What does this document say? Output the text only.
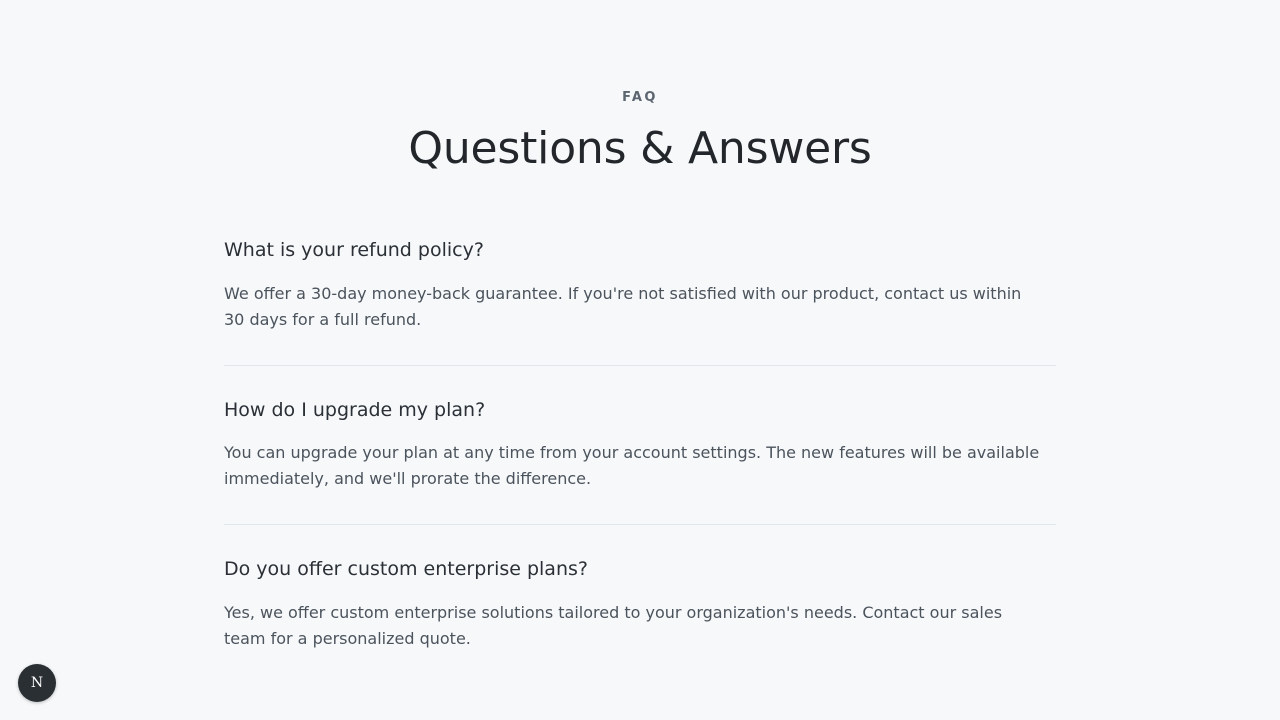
FAQ
Questions & Answers
What is your refund policy?

We offer a 30-day money-back guarantee. If you're not satisfied with our product, contact us within 30 days for a full refund.

How do I upgrade my plan?

You can upgrade your plan at any time from your account settings. The new features will be available immediately, and we'll prorate the difference.

Do you offer custom enterprise plans?

Yes, we offer custom enterprise solutions tailored to your organization's needs. Contact our sales team for a personalized quote.

N
